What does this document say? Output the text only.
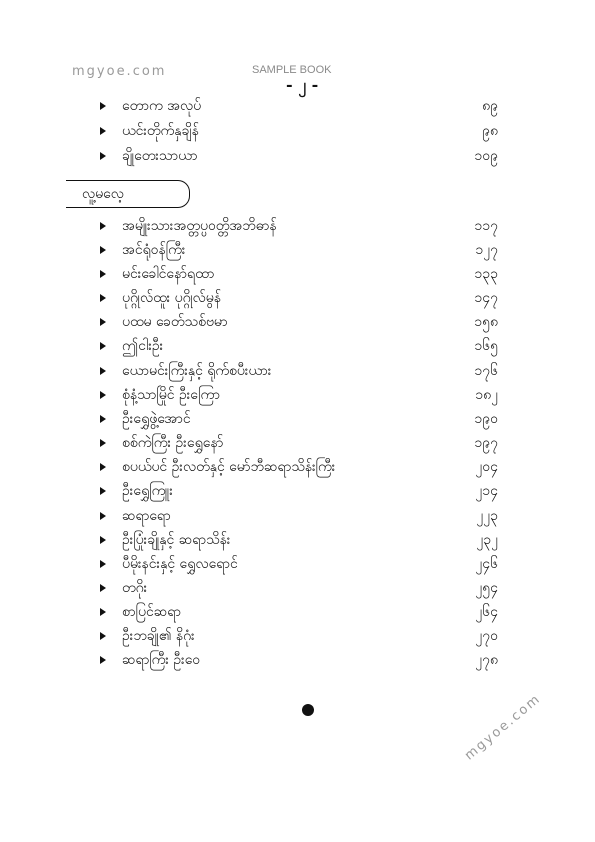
mgyoe.com	SAMPLE BOOK
- ၂ -
တောက အလုပ်	၈၉
ယင်းတိုက်နှချိန်	၉၈
ချိုတေးသာယာ	၁၀၉
လူ့မလေ့
အမျိုးသားအတ္တပ္ပဝတ္တိအဘိဓာန်	၁၁၇
အင်ရုံဝန်ကြီး	၁၂၇
မင်းခေါင်နော်ရထာ	၁၃၃
ပုဂ္ဂိုလ်ထူး ပုဂ္ဂိုလ်မွန်	၁၄၇
ပထမ ခေတ်သစ်ဗမာ	၁၅၈
ဤငါးဦး	၁၆၅
ယောမင်းကြီးနှင့် ရိုက်စပီးယား	၁၇၆
စုံနံ့သာမြိုင် ဦးကြော	၁၈၂
ဦးရွှေဖွဲ့အောင်	၁၉၀
စစ်ကဲကြီး ဦးရွှေနော်	၁၉၇
စပယ်ပင် ဦးလတ်နှင့် မော်ဘီဆရာသိန်းကြီး	၂၀၄
ဦးရွှေကြူး	၂၁၄
ဆရာရော	၂၂၃
ဦးပြုံးချိုနှင့် ဆရာသိန်း	၂၃၂
ပီမိုးနင်းနှင့် ရွှေလရောင်	၂၄၆
တဂိုး	၂၅၄
စာပြင်ဆရာ	၂၆၄
ဦးဘချို၏ နိဂုံး	၂၇၀
ဆရာကြီး ဦးဝေ	၂၇၈
mgyoe.com
